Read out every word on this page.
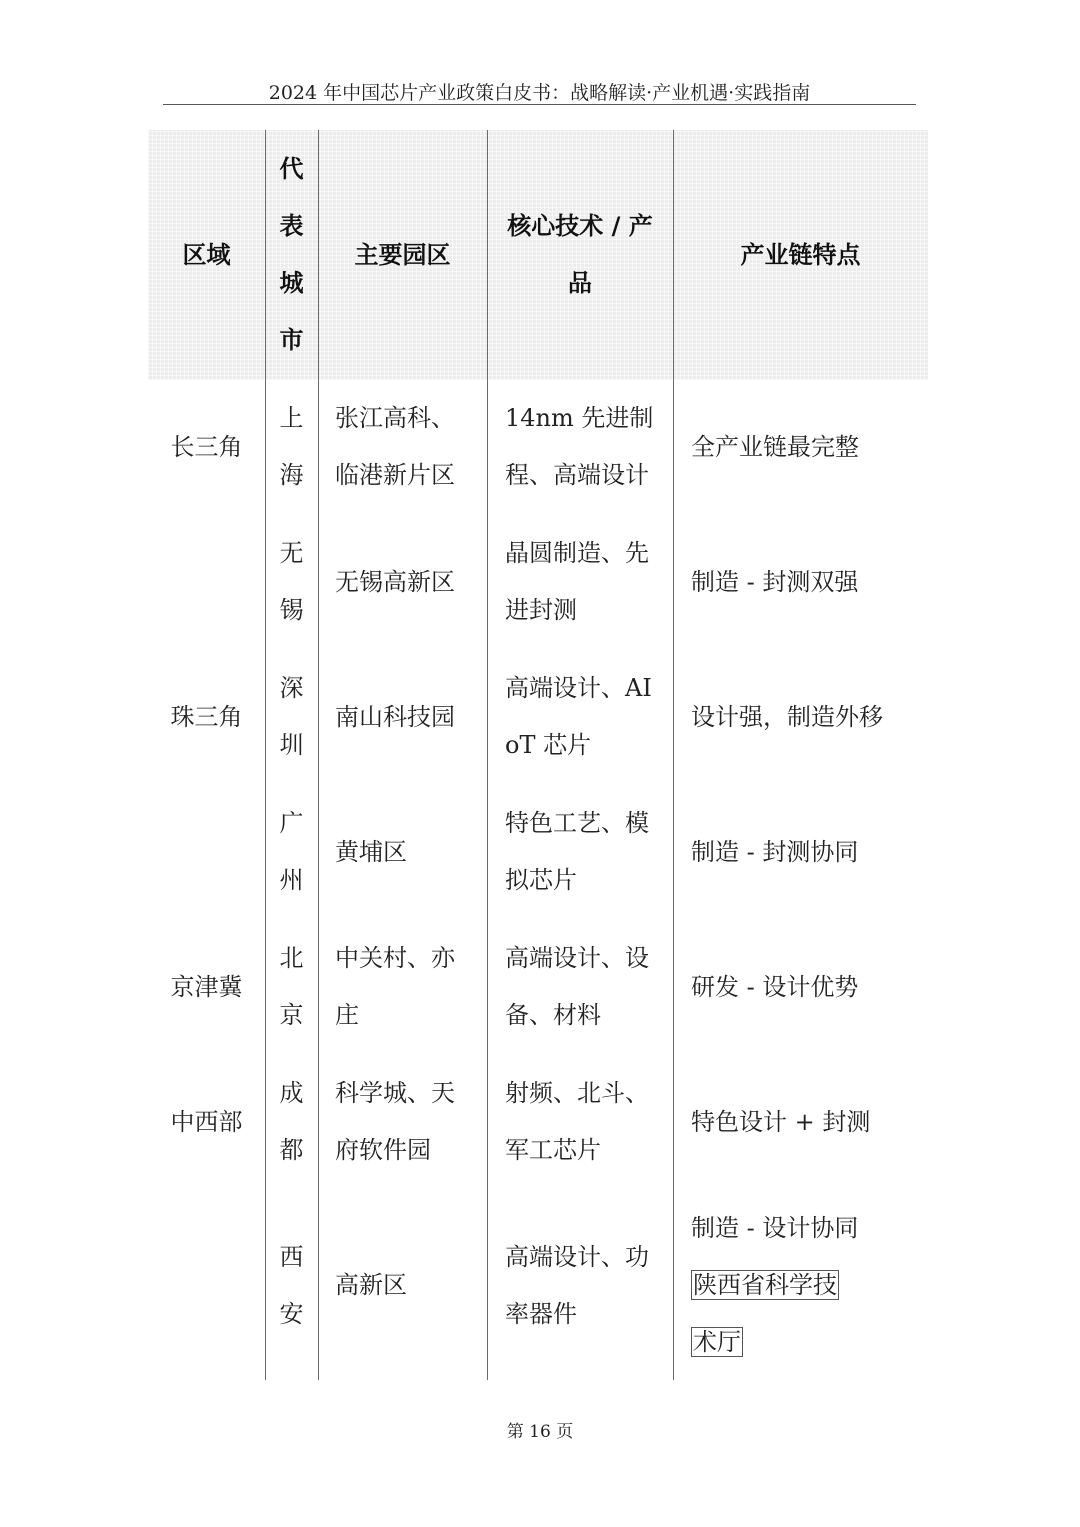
2024 年中国芯片产业政策白皮书：战略解读·产业机遇·实践指南
区域
代表城市
主要园区
核心技术 / 产品
产业链特点
长三角
上海
张江高科、临港新片区
14nm 先进制程、高端设计
全产业链最完整
无锡
无锡高新区
晶圆制造、先进封测
制造 - 封测双强
珠三角
深圳
南山科技园
高端设计、AIoT 芯片
设计强，制造外移
广州
黄埔区
特色工艺、模拟芯片
制造 - 封测协同
京津冀
北京
中关村、亦庄
高端设计、设备、材料
研发 - 设计优势
中西部
成都
科学城、天府软件园
射频、北斗、军工芯片
特色设计 + 封测
西安
高新区
高端设计、功率器件
制造 - 设计协同 陕西省科学技
术厅
第 16 页
